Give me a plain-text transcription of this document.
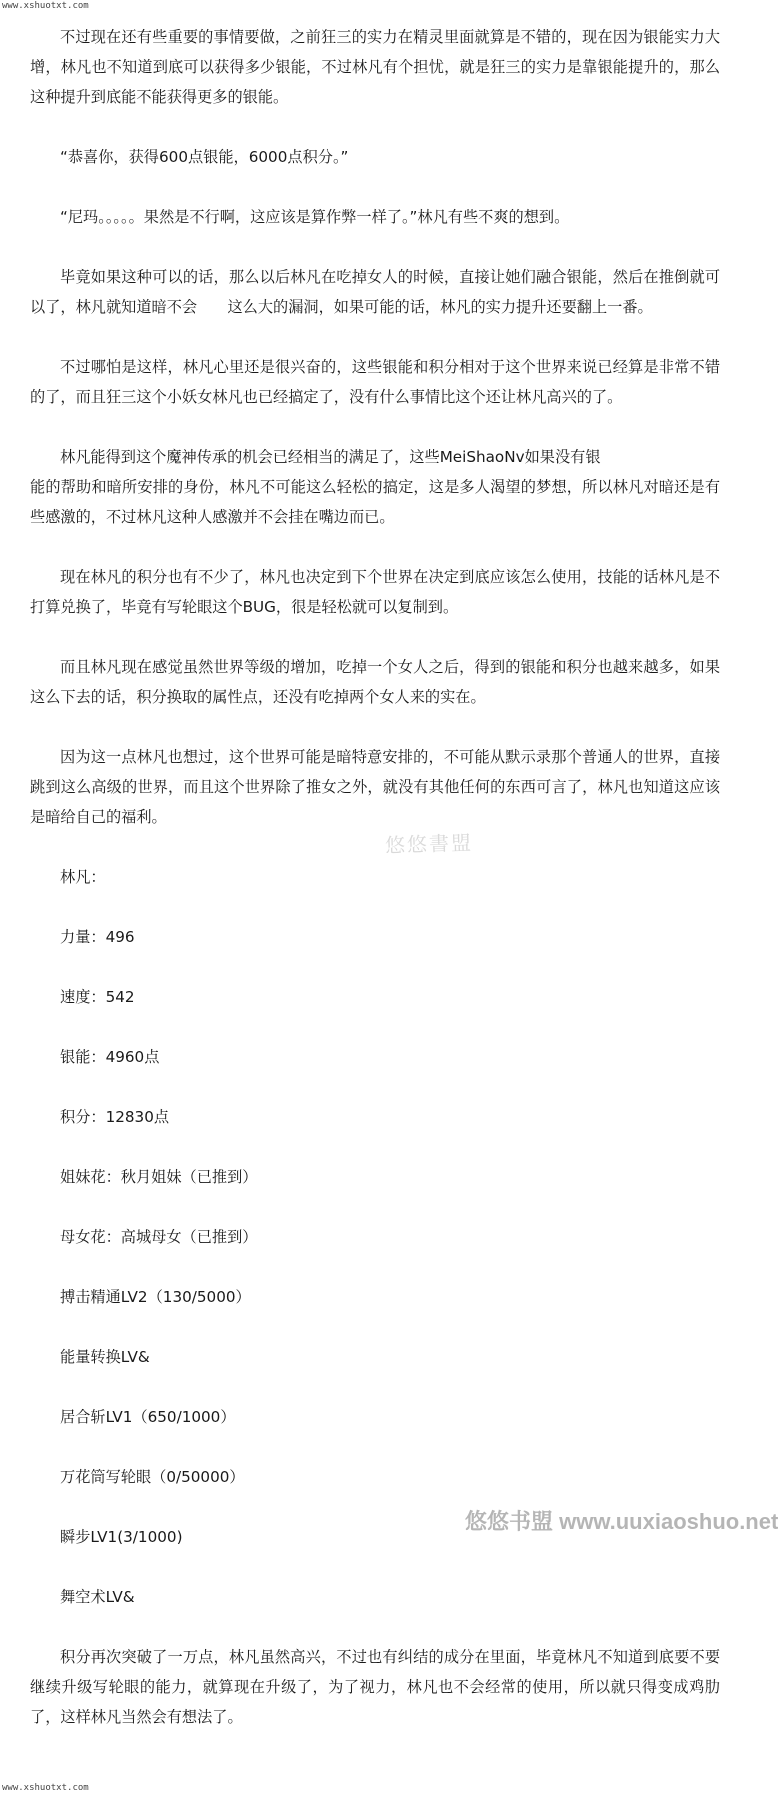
www.xshuotxt.com

不过现在还有些重要的事情要做，之前狂三的实力在精灵里面就算是不错的，现在因为银能实力大增，林凡也不知道到底可以获得多少银能，不过林凡有个担忧，就是狂三的实力是靠银能提升的，那么　　　这种提升到底能不能获得更多的银能。

“恭喜你，获得600点银能，6000点积分。”

“尼玛。。。。。果然是不行啊，这应该是算作弊一样了。”林凡有些不爽的想到。

毕竟如果这种可以的话，那么以后林凡在吃掉女人的时候，直接让她们融合银能，然后在推倒就可以了，林凡就知道暗不会　　这么大的漏洞，如果可能的话，林凡的实力提升还要翻上一番。

不过哪怕是这样，林凡心里还是很兴奋的，这些银能和积分相对于这个世界来说已经算是非常不错的了，而且狂三这个小妖女林凡也已经搞定了，没有什么事情比这个还让林凡高兴的了。

林凡能得到这个魔神传承的机会已经相当的满足了，这些MeiShaoNv如果没有银
能的帮助和暗所安排的身份，林凡不可能这么轻松的搞定，这是多人渴望的梦想，所以林凡对暗还是有些感激的，不过林凡这种人感激并不会挂在嘴边而已。

现在林凡的积分也有不少了，林凡也决定到下个世界在决定到底应该怎么使用，技能的话林凡是不打算兑换了，毕竟有写轮眼这个BUG，很是轻松就可以复制到。

而且林凡现在感觉虽然世界等级的增加，吃掉一个女人之后，得到的银能和积分也越来越多，如果这么下去的话，积分换取的属性点，还没有吃掉两个女人来的实在。

因为这一点林凡也想过，这个世界可能是暗特意安排的，不可能从默示录那个普通人的世界，直接跳到这么高级的世界，而且这个世界除了推女之外，就没有其他任何的东西可言了，林凡也知道这应该是暗给自己的福利。

林凡：

力量：496

速度：542

银能：4960点

积分：12830点

姐妹花：秋月姐妹（已推到）

母女花：高城母女（已推到）

搏击精通LV2（130/5000）

能量转换LV&

居合斩LV1（650/1000）

万花筒写轮眼（0/50000）

瞬步LV1(3/1000)

舞空术LV&

积分再次突破了一万点，林凡虽然高兴，不过也有纠结的成分在里面，毕竟林凡不知道到底要不要继续升级写轮眼的能力，就算现在升级了，为了视力，林凡也不会经常的使用，所以就只得变成鸡肋了，这样林凡当然会有想法了。

悠悠書盟
悠悠书盟 www.uuxiaoshuo.net
www.xshuotxt.com
